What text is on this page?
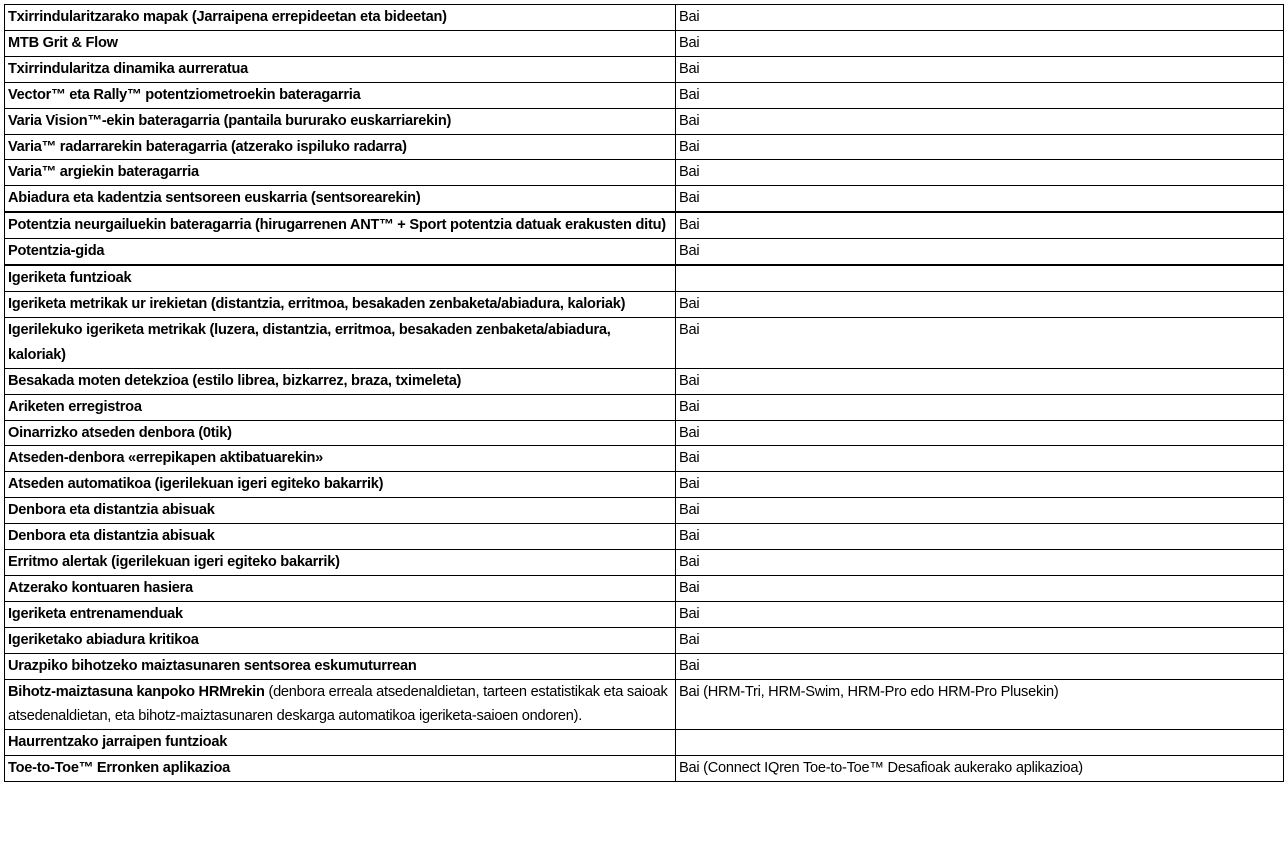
Txirrindularitzarako mapak (Jarraipena errepideetan eta bideetan)	Bai
MTB Grit & Flow	Bai
Txirrindularitza dinamika aurreratua	Bai
Vector™ eta Rally™ potentziometroekin bateragarria	Bai
Varia Vision™-ekin bateragarria (pantaila bururako euskarriarekin)	Bai
Varia™ radarrarekin bateragarria (atzerako ispiluko radarra)	Bai
Varia™ argiekin bateragarria	Bai
Abiadura eta kadentzia sentsoreen euskarria (sentsorearekin)	Bai
Potentzia neurgailuekin bateragarria (hirugarrenen ANT™ + Sport potentzia datuak erakusten ditu)	Bai
Potentzia-gida	Bai
Igeriketa funtzioak	
Igeriketa metrikak ur irekietan (distantzia, erritmoa, besakaden zenbaketa/abiadura, kaloriak)	Bai
Igerilekuko igeriketa metrikak (luzera, distantzia, erritmoa, besakaden zenbaketa/abiadura, kaloriak)	Bai
Besakada moten detekzioa (estilo librea, bizkarrez, braza, tximeleta)	Bai
Ariketen erregistroa	Bai
Oinarrizko atseden denbora (0tik)	Bai
Atseden-denbora «errepikapen aktibatuarekin»	Bai
Atseden automatikoa (igerilekuan igeri egiteko bakarrik)	Bai
Denbora eta distantzia abisuak	Bai
Denbora eta distantzia abisuak	Bai
Erritmo alertak (igerilekuan igeri egiteko bakarrik)	Bai
Atzerako kontuaren hasiera	Bai
Igeriketa entrenamenduak	Bai
Igeriketako abiadura kritikoa	Bai
Urazpiko bihotzeko maiztasunaren sentsorea eskumuturrean	Bai
Bihotz-maiztasuna kanpoko HRMrekin (denbora erreala atsedenaldietan, tarteen estatistikak eta saioak atsedenaldietan, eta bihotz-maiztasunaren deskarga automatikoa igeriketa-saioen ondoren).	Bai (HRM-Tri, HRM-Swim, HRM-Pro edo HRM-Pro Plusekin)
Haurrentzako jarraipen funtzioak	
Toe-to-Toe™ Erronken aplikazioa	Bai (Connect IQren Toe-to-Toe™ Desafioak aukerako aplikazioa)
